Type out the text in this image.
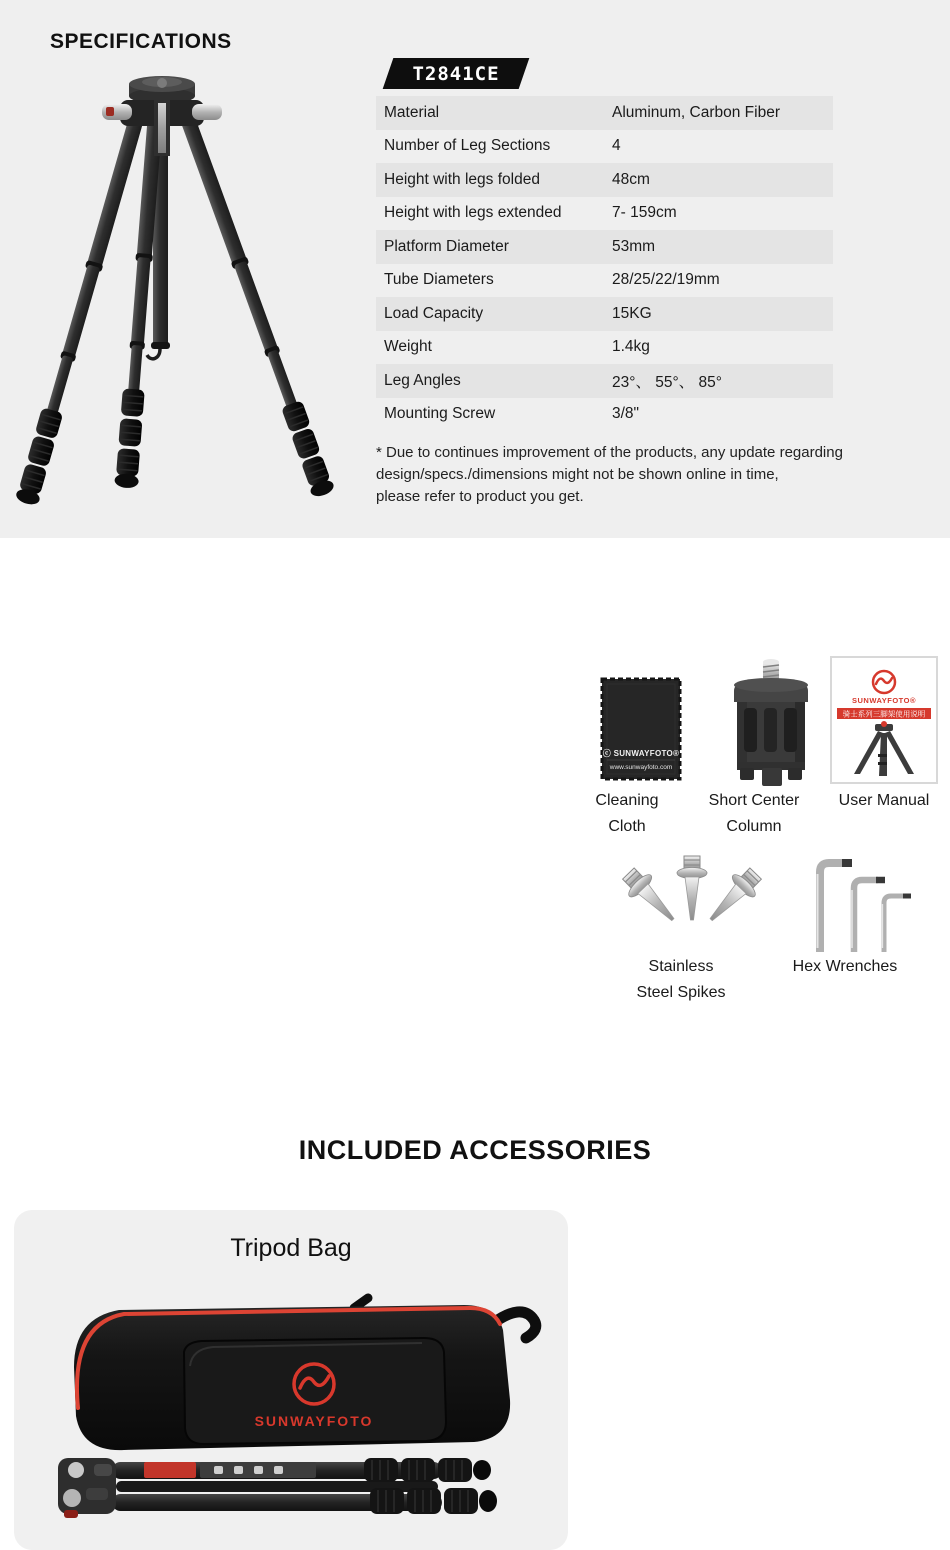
SPECIFICATIONS
T2841CE
Material	Aluminum, Carbon Fiber
Number of Leg Sections	4
Height with legs folded	48cm
Height with legs extended	7- 159cm
Platform Diameter	53mm
Tube Diameters	28/25/22/19mm
Load Capacity	15KG
Weight	1.4kg
Leg Angles	23°、 55°、 85°
Mounting Screw	3/8"
* Due to continues improvement of the products, any update regarding
design/specs./dimensions might not be shown online in time,
please refer to product you get.
INCLUDED ACCESSORIES
Tripod Bag
SUNWAYFOTO
ⓒ SUNWAYFOTO®
www.sunwayfoto.com
Cleaning
Cloth
Short Center
Column
SUNWAYFOTO®
骑士系列三脚架使用说明
User Manual
Stainless
Steel Spikes
Hex Wrenches
